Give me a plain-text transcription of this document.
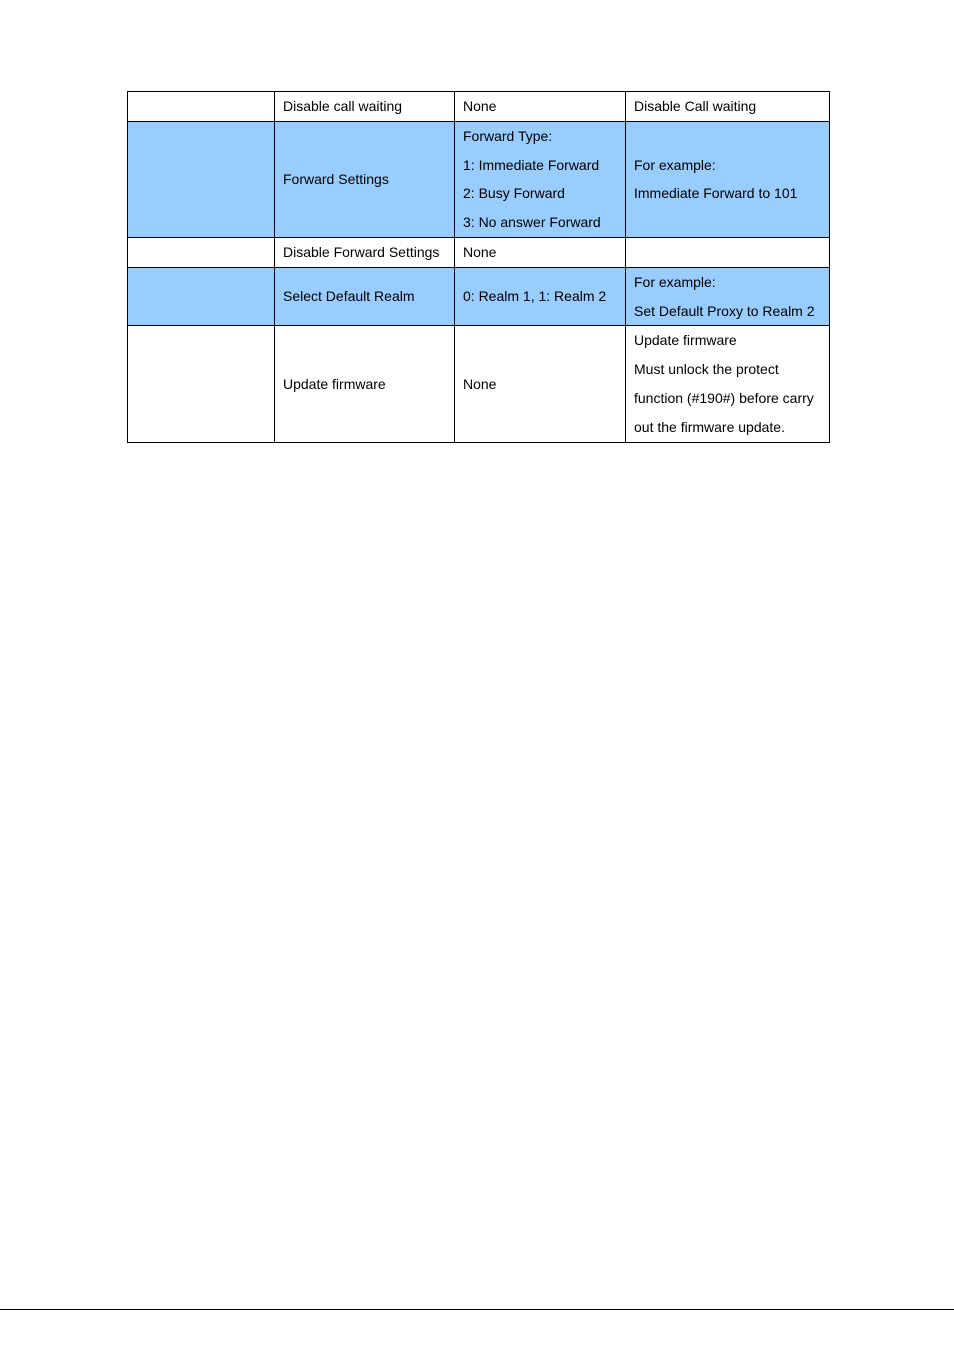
	Disable call waiting	None	Disable Call waiting

	Forward Settings	Forward Type:
1: Immediate Forward
2: Busy Forward
3: No answer Forward	For example:
Immediate Forward to 101

	Disable Forward Settings	None	

	Select Default Realm	0: Realm 1, 1: Realm 2	For example:
Set Default Proxy to Realm 2

	Update firmware	None	Update firmware
Must unlock the protect
function (#190#) before carry
out the firmware update.
